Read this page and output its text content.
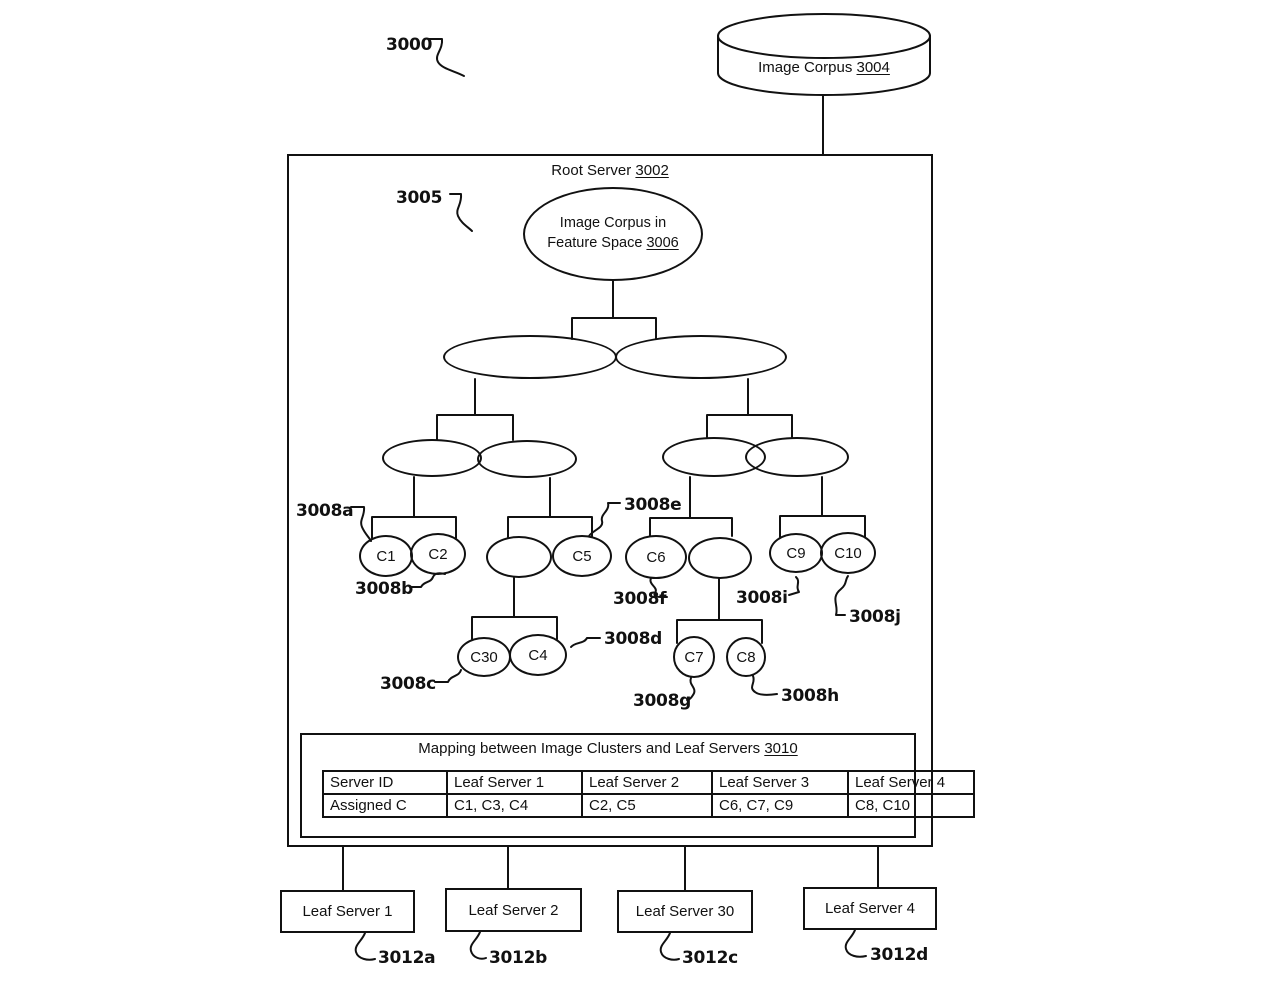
3000
3005
Image Corpus 3004
Root Server 3002
Image Corpus in
Feature Space 3006
C1 C2	C5	C6	C9 C10
C30 C4	C7 C8
3008a
3008b
3008c
3008d
3008e
3008f
3008g	3008h
3008i
3008j
Mapping between Image Clusters and Leaf Servers 3010
Server ID	Leaf Server 1	Leaf Server 2	Leaf Server 3	Leaf Server 4
Assigned C	C1, C3, C4	C2, C5	C6, C7, C9	C8, C10
Leaf Server 1	Leaf Server 2	Leaf Server 30	Leaf Server 4
3012a	3012b	3012c	3012d
